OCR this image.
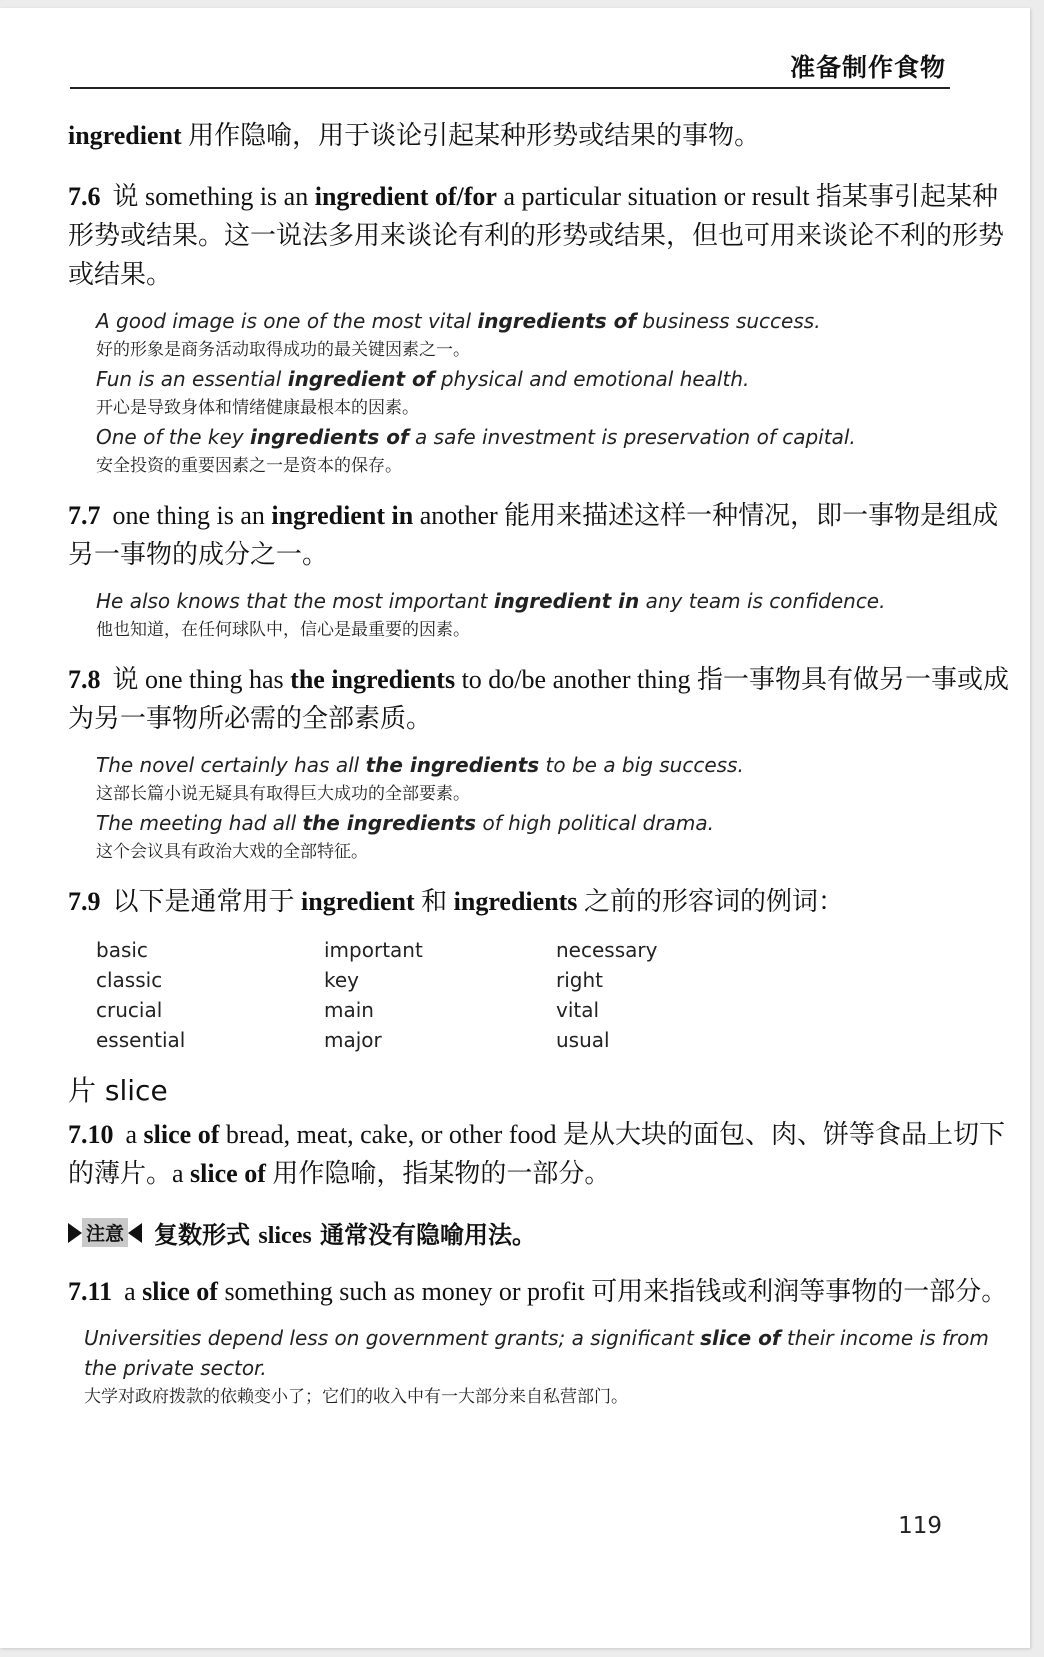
准备制作食物

ingredient 用作隐喻，用于谈论引起某种形势或结果的事物。

7.6 说 something is an ingredient of/for a particular situation or result 指某事引起某种形势或结果。这一说法多用来谈论有利的形势或结果，但也可用来谈论不利的形势或结果。

A good image is one of the most vital ingredients of business success.
好的形象是商务活动取得成功的最关键因素之一。
Fun is an essential ingredient of physical and emotional health.
开心是导致身体和情绪健康最根本的因素。
One of the key ingredients of a safe investment is preservation of capital.
安全投资的重要因素之一是资本的保存。

7.7 one thing is an ingredient in another 能用来描述这样一种情况，即一事物是组成另一事物的成分之一。

He also knows that the most important ingredient in any team is confidence.
他也知道，在任何球队中，信心是最重要的因素。

7.8 说 one thing has the ingredients to do/be another thing 指一事物具有做另一事或成为另一事物所必需的全部素质。

The novel certainly has all the ingredients to be a big success.
这部长篇小说无疑具有取得巨大成功的全部要素。
The meeting had all the ingredients of high political drama.
这个会议具有政治大戏的全部特征。

7.9 以下是通常用于 ingredient 和 ingredients 之前的形容词的例词：

basic	important	necessary
classic	key	right
crucial	main	vital
essential	major	usual
片 slice

7.10 a slice of bread, meat, cake, or other food 是从大块的面包、肉、饼等食品上切下的薄片。a slice of 用作隐喻，指某物的一部分。

注意 复数形式 slices 通常没有隐喻用法。

7.11 a slice of something such as money or profit 可用来指钱或利润等事物的一部分。

Universities depend less on government grants; a significant slice of their income is from the private sector.
大学对政府拨款的依赖变小了；它们的收入中有一大部分来自私营部门。
119
